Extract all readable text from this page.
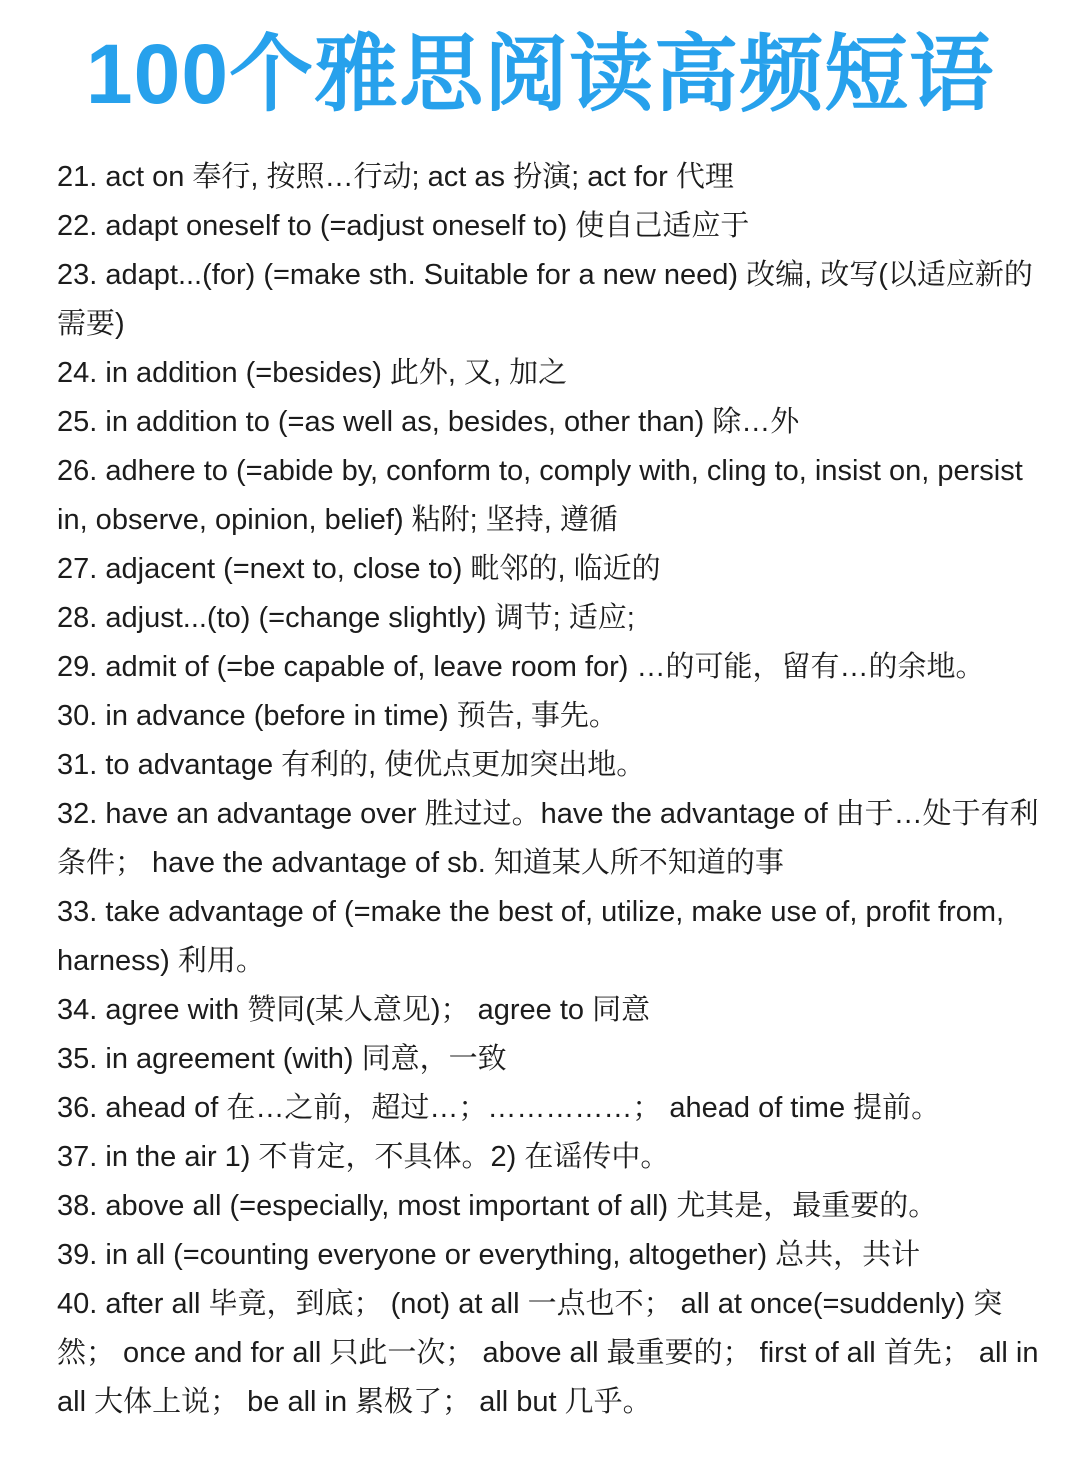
100个雅思阅读高频短语

21. act on 奉行, 按照…行动; act as 扮演; act for 代理

22. adapt oneself to (=adjust oneself to) 使自己适应于

23. adapt...(for) (=make sth. Suitable for a new need) 改编, 改写(以适应新的需要)

24. in addition (=besides) 此外, 又, 加之

25. in addition to (=as well as, besides, other than) 除…外

26. adhere to (=abide by, conform to, comply with, cling to, insist on, persist in, observe, opinion, belief) 粘附; 坚持, 遵循

27. adjacent (=next to, close to) 毗邻的, 临近的

28. adjust...(to) (=change slightly) 调节; 适应;

29. admit of (=be capable of, leave room for) …的可能，留有…的余地。

30. in advance (before in time) 预告, 事先。

31. to advantage 有利的, 使优点更加突出地。

32. have an advantage over 胜过过。have the advantage of 由于…处于有利条件； have the advantage of sb. 知道某人所不知道的事

33. take advantage of (=make the best of, utilize, make use of, profit from, harness) 利用。

34. agree with 赞同(某人意见)； agree to 同意

35. in agreement (with) 同意，一致

36. ahead of 在…之前，超过…；……………； ahead of time 提前。

37. in the air 1) 不肯定，不具体。2) 在谣传中。

38. above all (=especially, most important of all) 尤其是，最重要的。

39. in all (=counting everyone or everything, altogether) 总共，共计

40. after all 毕竟，到底； (not) at all 一点也不； all at once(=suddenly) 突然； once and for all 只此一次； above all 最重要的； first of all 首先； all in all 大体上说； be all in 累极了； all but 几乎。
